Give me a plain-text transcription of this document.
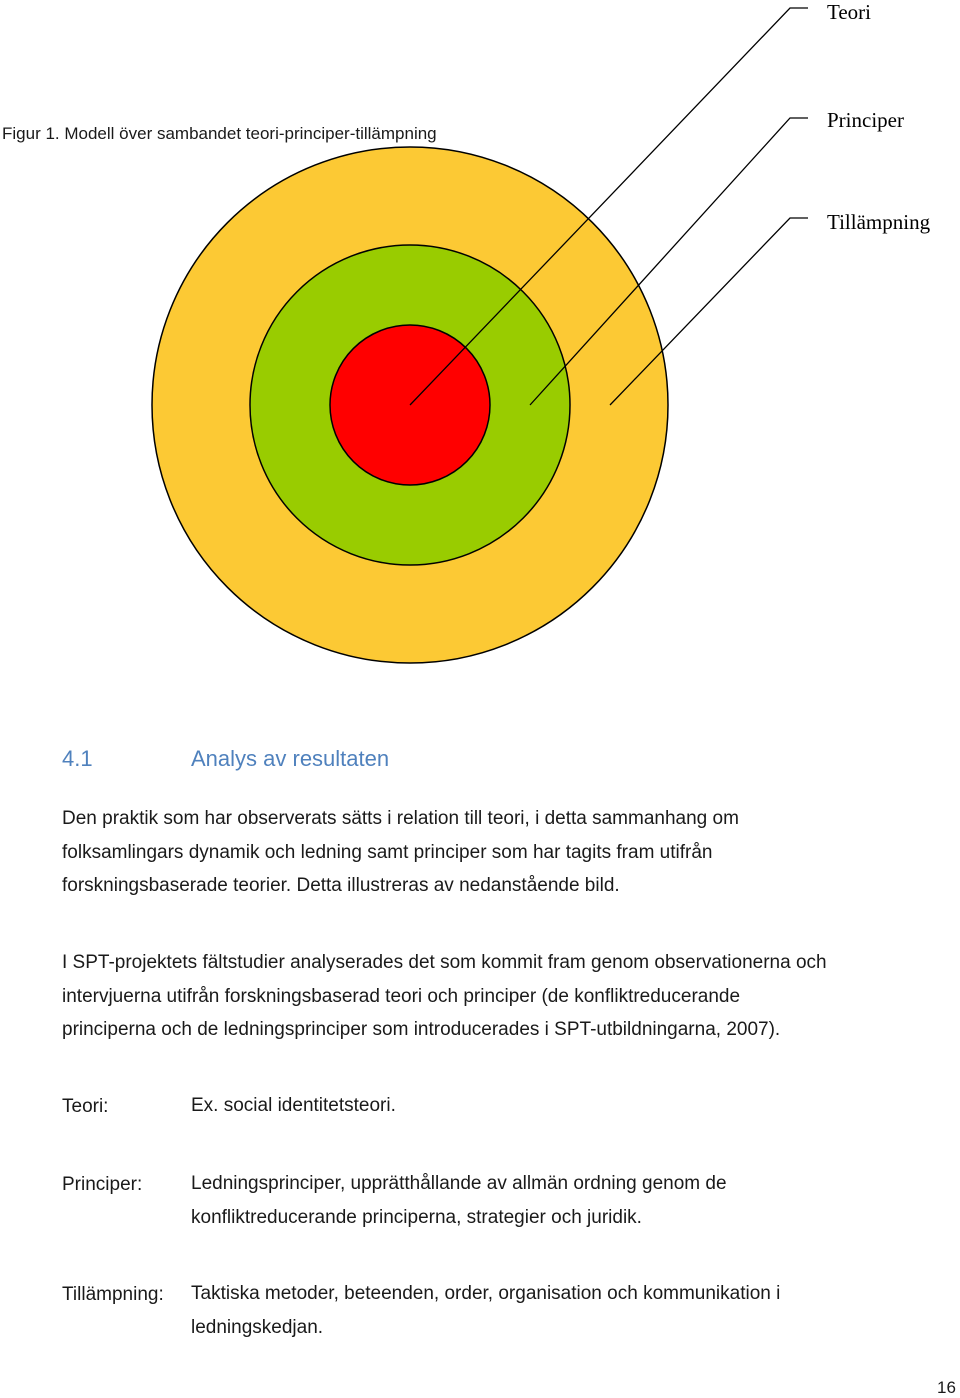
Teori
Principer
Tillämpning
Figur 1. Modell över sambandet teori-principer-tillämpning
4.1	Analys av resultaten
Den praktik som har observerats sätts i relation till teori, i detta sammanhang om
folksamlingars dynamik och ledning samt principer som har tagits fram utifrån
forskningsbaserade teorier. Detta illustreras av nedanstående bild.
I SPT-projektets fältstudier analyserades det som kommit fram genom observationerna och
intervjuerna utifrån forskningsbaserad teori och principer (de konfliktreducerande
principerna och de ledningsprinciper som introducerades i SPT-utbildningarna, 2007).
Teori:	Ex. social identitetsteori.
Principer:	Ledningsprinciper, upprätthållande av allmän ordning genom de
konfliktreducerande principerna, strategier och juridik.
Tillämpning: Taktiska metoder, beteenden, order, organisation och kommunikation i
ledningskedjan.
16
